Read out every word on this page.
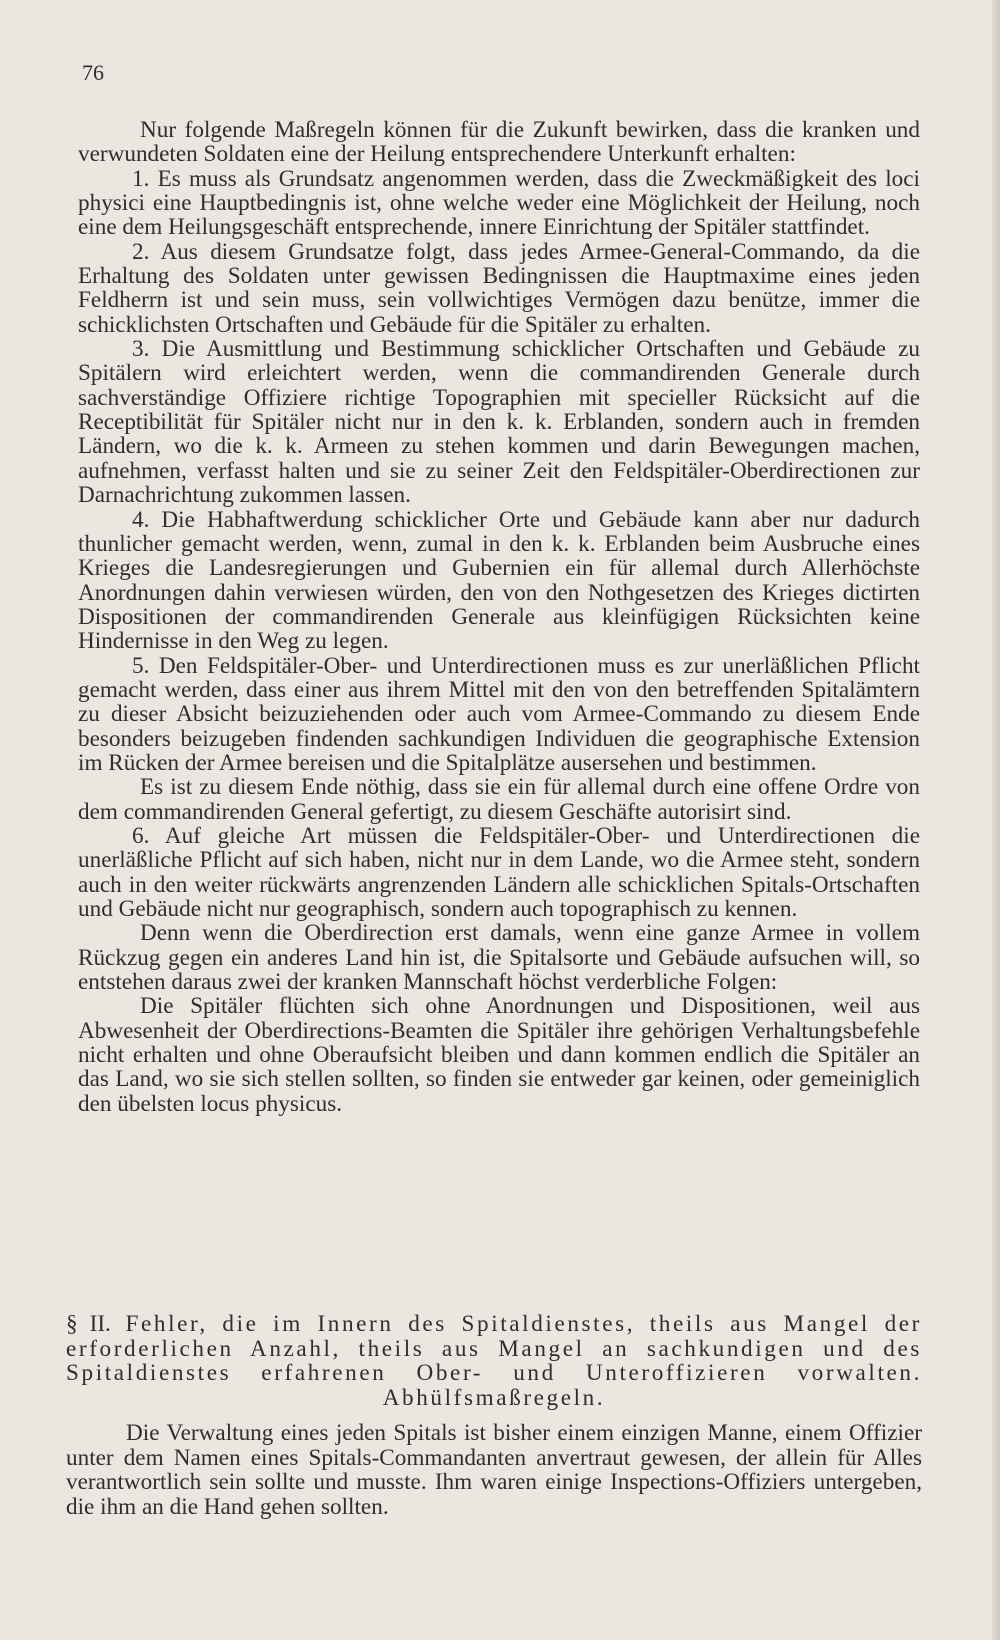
76

Nur folgende Maßregeln können für die Zukunft bewirken, dass die kranken und verwundeten Soldaten eine der Heilung entsprechendere Unterkunft erhalten:

1. Es muss als Grundsatz angenommen werden, dass die Zweckmäßigkeit des loci physici eine Hauptbedingnis ist, ohne welche weder eine Möglichkeit der Heilung, noch eine dem Heilungsgeschäft entsprechende, innere Einrichtung der Spitäler stattfindet.

2. Aus diesem Grundsatze folgt, dass jedes Armee-General-Commando, da die Erhaltung des Soldaten unter gewissen Bedingnissen die Hauptmaxime eines jeden Feldherrn ist und sein muss, sein vollwichtiges Vermögen dazu benütze, immer die schicklichsten Ortschaften und Gebäude für die Spitäler zu erhalten.

3. Die Ausmittlung und Bestimmung schicklicher Ortschaften und Gebäude zu Spitälern wird erleichtert werden, wenn die commandirenden Generale durch sachverständige Offiziere richtige Topographien mit specieller Rücksicht auf die Receptibilität für Spitäler nicht nur in den k. k. Erblanden, sondern auch in fremden Ländern, wo die k. k. Armeen zu stehen kommen und darin Bewegungen machen, aufnehmen, verfasst halten und sie zu seiner Zeit den Feldspitäler-Oberdirectionen zur Darnachrichtung zukommen lassen.

4. Die Habhaftwerdung schicklicher Orte und Gebäude kann aber nur dadurch thunlicher gemacht werden, wenn, zumal in den k. k. Erblanden beim Ausbruche eines Krieges die Landesregierungen und Gubernien ein für allemal durch Allerhöchste Anordnungen dahin verwiesen würden, den von den Nothgesetzen des Krieges dictirten Dispositionen der commandirenden Generale aus kleinfügigen Rücksichten keine Hindernisse in den Weg zu legen.

5. Den Feldspitäler-Ober- und Unterdirectionen muss es zur unerläßlichen Pflicht gemacht werden, dass einer aus ihrem Mittel mit den von den betreffenden Spitalämtern zu dieser Absicht beizuziehenden oder auch vom Armee-Commando zu diesem Ende besonders beizugeben findenden sachkundigen Individuen die geographische Extension im Rücken der Armee bereisen und die Spitalplätze ausersehen und bestimmen.

Es ist zu diesem Ende nöthig, dass sie ein für allemal durch eine offene Ordre von dem commandirenden General gefertigt, zu diesem Geschäfte autorisirt sind.

6. Auf gleiche Art müssen die Feldspitäler-Ober- und Unterdirectionen die unerläßliche Pflicht auf sich haben, nicht nur in dem Lande, wo die Armee steht, sondern auch in den weiter rückwärts angrenzenden Ländern alle schicklichen Spitals-Ortschaften und Gebäude nicht nur geographisch, sondern auch topographisch zu kennen.

Denn wenn die Oberdirection erst damals, wenn eine ganze Armee in vollem Rückzug gegen ein anderes Land hin ist, die Spitalsorte und Gebäude aufsuchen will, so entstehen daraus zwei der kranken Mannschaft höchst verderbliche Folgen:

Die Spitäler flüchten sich ohne Anordnungen und Dispositionen, weil aus Abwesenheit der Oberdirections-Beamten die Spitäler ihre gehörigen Verhaltungsbefehle nicht erhalten und ohne Oberaufsicht bleiben und dann kommen endlich die Spitäler an das Land, wo sie sich stellen sollten, so finden sie entweder gar keinen, oder gemeiniglich den übelsten locus physicus.

§ II. Fehler, die im Innern des Spitaldienstes, theils aus Mangel der erforderlichen Anzahl, theils aus Mangel an sachkundigen und des Spitaldienstes erfahrenen Ober- und Unteroffizieren vorwalten. Abhülfsmaßregeln.

Die Verwaltung eines jeden Spitals ist bisher einem einzigen Manne, einem Offizier unter dem Namen eines Spitals-Commandanten anvertraut gewesen, der allein für Alles verantwortlich sein sollte und musste. Ihm waren einige Inspections-Offiziers untergeben, die ihm an die Hand gehen sollten.
